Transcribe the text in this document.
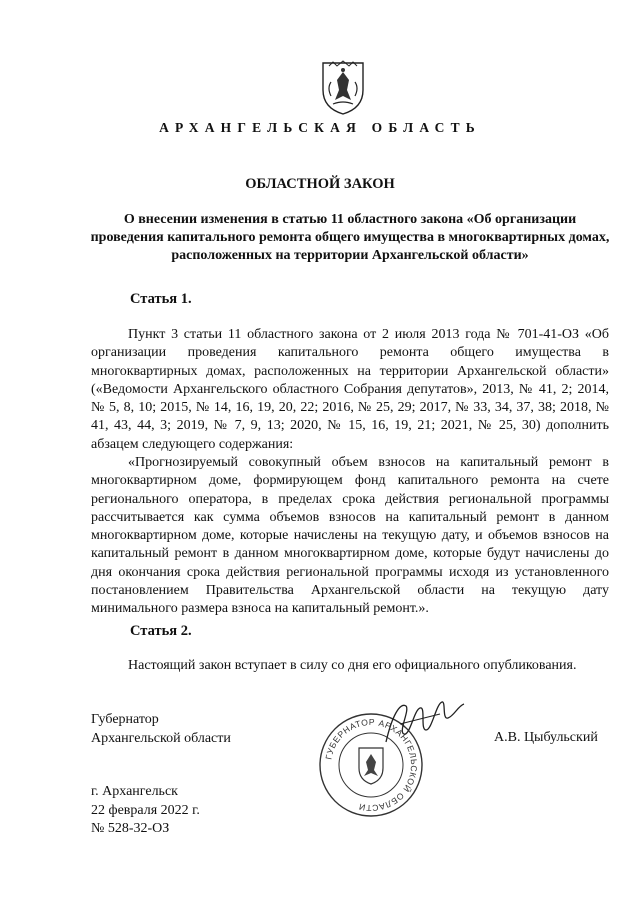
АРХАНГЕЛЬСКАЯ ОБЛАСТЬ
ОБЛАСТНОЙ ЗАКОН
О внесении изменения в статью 11 областного закона «Об организации проведения капитального ремонта общего имущества в многоквартирных домах, расположенных на территории Архангельской области»
Статья 1.

Пункт 3 статьи 11 областного закона от 2 июля 2013 года № 701-41-ОЗ «Об организации проведения капитального ремонта общего имущества в многоквартирных домах, расположенных на территории Архангельской области» («Ведомости Архангельского областного Собрания депутатов», 2013, № 41, 2; 2014, № 5, 8, 10; 2015, № 14, 16, 19, 20, 22; 2016, № 25, 29; 2017, № 33, 34, 37, 38; 2018, № 41, 43, 44, 3; 2019, № 7, 9, 13; 2020, № 15, 16, 19, 21; 2021, № 25, 30) дополнить абзацем следующего содержания:

«Прогнозируемый совокупный объем взносов на капитальный ремонт в многоквартирном доме, формирующем фонд капитального ремонта на счете регионального оператора, в пределах срока действия региональной программы рассчитывается как сумма объемов взносов на капитальный ремонт в данном многоквартирном доме, которые начислены на текущую дату, и объемов взносов на капитальный ремонт в данном многоквартирном доме, которые будут начислены до дня окончания срока действия региональной программы исходя из установленного постановлением Правительства Архангельской области на текущую дату минимального размера взноса на капитальный ремонт.».

Статья 2.

Настоящий закон вступает в силу со дня его официального опубликования.

Губернатор
Архангельской области
ГУБЕРНАТОР АРХАНГЕЛЬСКОЙ ОБЛАСТИ
А.В. Цыбульский
г. Архангельск
22 февраля 2022 г.
№ 528-32-ОЗ
